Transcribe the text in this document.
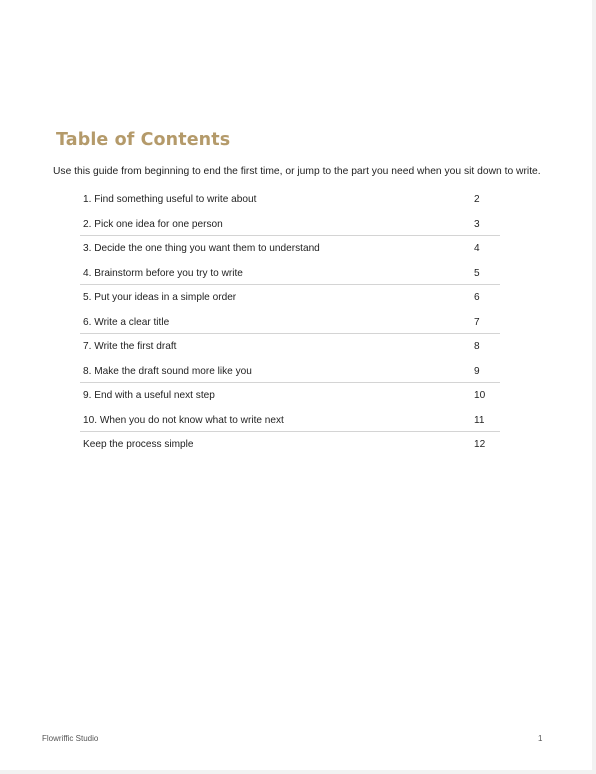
Table of Contents
Use this guide from beginning to end the first time, or jump to the part you need when you sit down to write.
1. Find something useful to write about	2
2. Pick one idea for one person	3
3. Decide the one thing you want them to understand	4
4. Brainstorm before you try to write	5
5. Put your ideas in a simple order	6
6. Write a clear title	7
7. Write the first draft	8
8. Make the draft sound more like you	9
9. End with a useful next step	10
10. When you do not know what to write next	11
Keep the process simple	12
Flowriffic Studio	1
